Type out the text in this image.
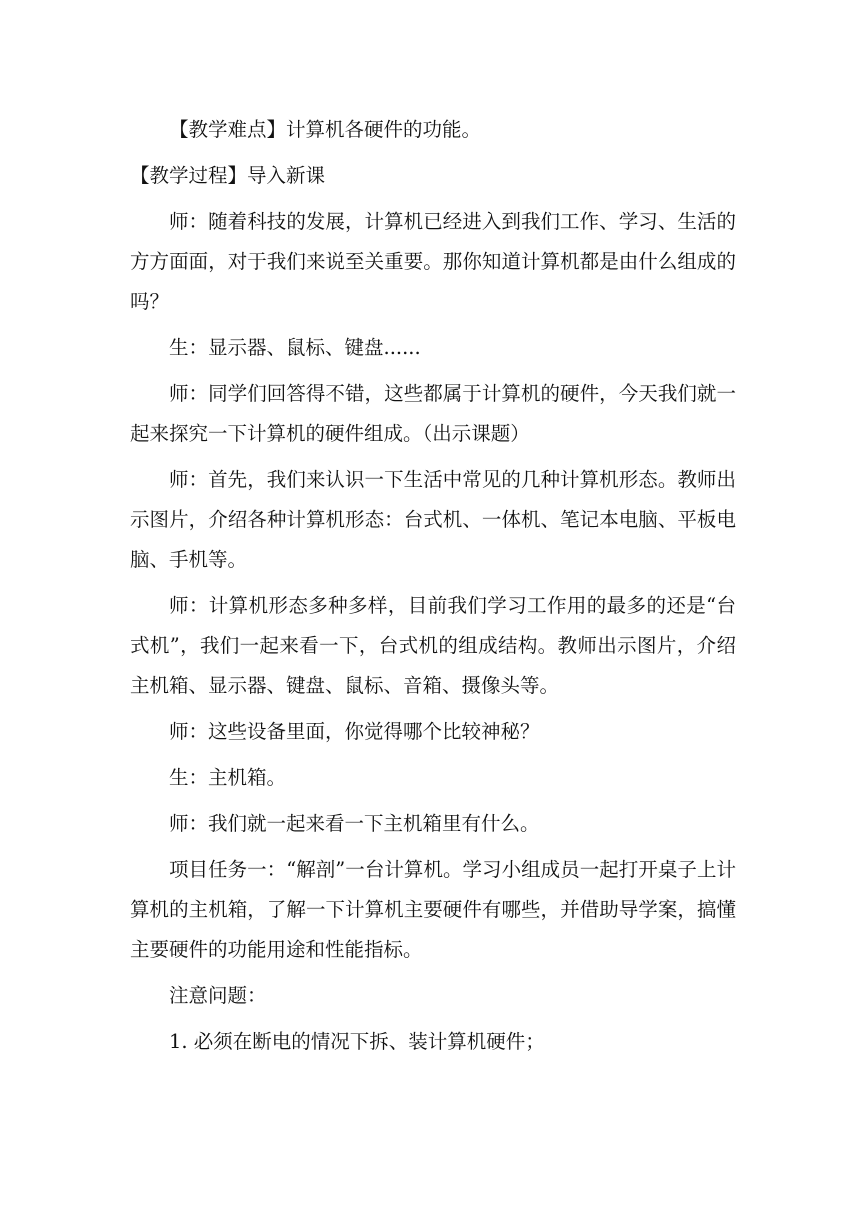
【教学难点】计算机各硬件的功能。

【教学过程】导入新课

师：随着科技的发展，计算机已经进入到我们工作、学习、生活的方方面面，对于我们来说至关重要。那你知道计算机都是由什么组成的吗？

生：显示器、鼠标、键盘......

师：同学们回答得不错，这些都属于计算机的硬件，今天我们就一起来探究一下计算机的硬件组成。（出示课题）

师：首先，我们来认识一下生活中常见的几种计算机形态。教师出示图片，介绍各种计算机形态：台式机、一体机、笔记本电脑、平板电脑、手机等。

师：计算机形态多种多样，目前我们学习工作用的最多的还是“台式机”，我们一起来看一下，台式机的组成结构。教师出示图片，介绍主机箱、显示器、键盘、鼠标、音箱、摄像头等。

师：这些设备里面，你觉得哪个比较神秘？

生：主机箱。

师：我们就一起来看一下主机箱里有什么。

项目任务一：“解剖”一台计算机。学习小组成员一起打开桌子上计算机的主机箱，了解一下计算机主要硬件有哪些，并借助导学案，搞懂主要硬件的功能用途和性能指标。

注意问题：

1. 必须在断电的情况下拆、装计算机硬件；
